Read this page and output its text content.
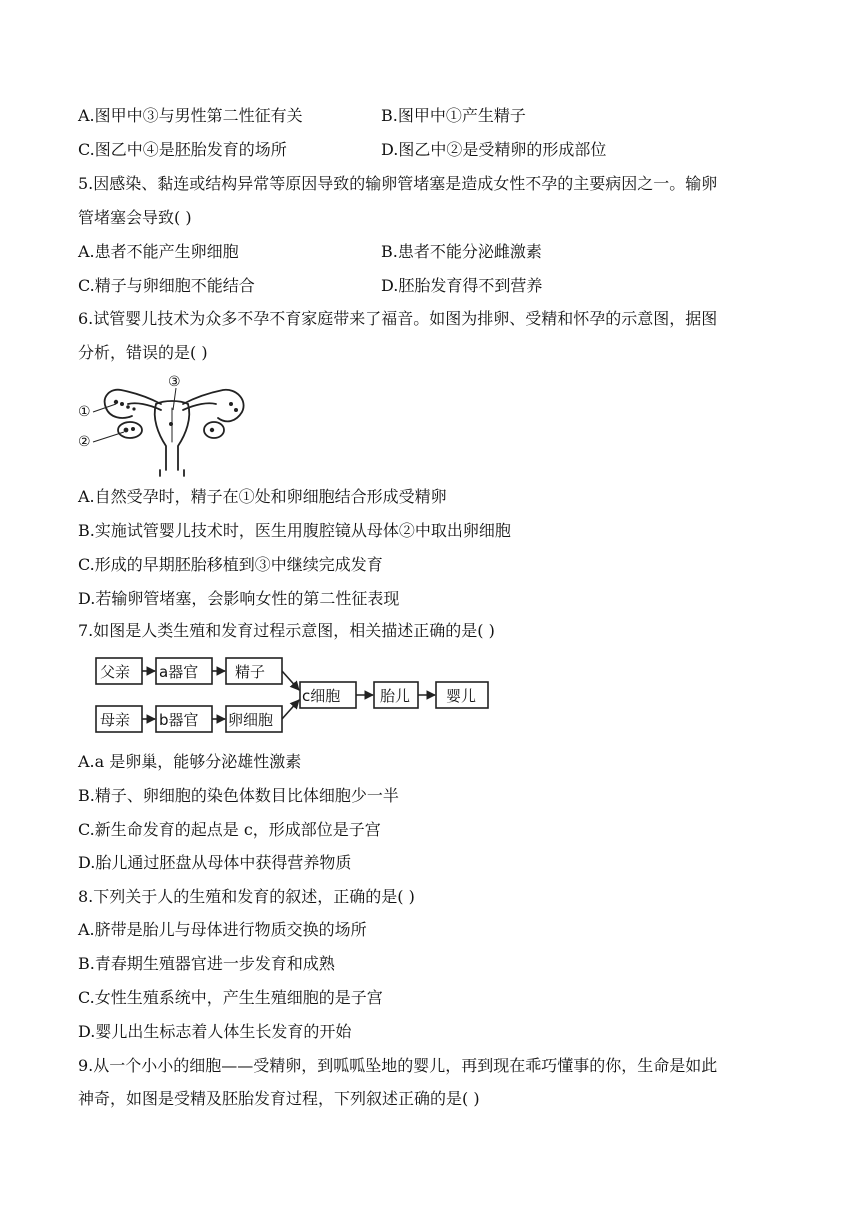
A.图甲中③与男性第二性征有关	B.图甲中①产生精子
C.图乙中④是胚胎发育的场所	D.图乙中②是受精卵的形成部位
5.因感染、黏连或结构异常等原因导致的输卵管堵塞是造成女性不孕的主要病因之一。输卵
管堵塞会导致( )
A.患者不能产生卵细胞	B.患者不能分泌雌激素
C.精子与卵细胞不能结合	D.胚胎发育得不到营养
6.试管婴儿技术为众多不孕不育家庭带来了福音。如图为排卵、受精和怀孕的示意图，据图
分析，错误的是( )
①
②
③
A.自然受孕时，精子在①处和卵细胞结合形成受精卵
B.实施试管婴儿技术时，医生用腹腔镜从母体②中取出卵细胞
C.形成的早期胚胎移植到③中继续完成发育
D.若输卵管堵塞，会影响女性的第二性征表现
7.如图是人类生殖和发育过程示意图，相关描述正确的是( )
父亲 a器官 精子
母亲 b器官 卵细胞
c细胞	胎儿 婴儿
A.a 是卵巢，能够分泌雄性激素
B.精子、卵细胞的染色体数目比体细胞少一半
C.新生命发育的起点是 c，形成部位是子宫
D.胎儿通过胚盘从母体中获得营养物质
8.下列关于人的生殖和发育的叙述，正确的是( )
A.脐带是胎儿与母体进行物质交换的场所
B.青春期生殖器官进一步发育和成熟
C.女性生殖系统中，产生生殖细胞的是子宫
D.婴儿出生标志着人体生长发育的开始
9.从一个小小的细胞——受精卵，到呱呱坠地的婴儿，再到现在乖巧懂事的你，生命是如此
神奇，如图是受精及胚胎发育过程，下列叙述正确的是( )
